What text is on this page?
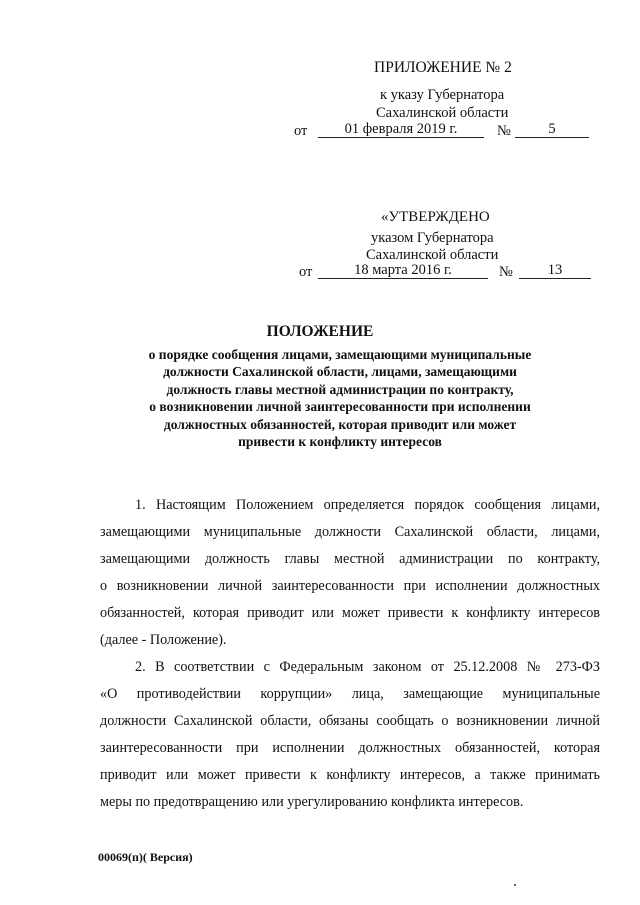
ПРИЛОЖЕНИЕ № 2
к указу Губернатора
Сахалинской области
от	01 февраля 2019 г.	№	5
«УТВЕРЖДЕНО
указом Губернатора
Сахалинской области
от	18 марта 2016 г.	№	13
ПОЛОЖЕНИЕ
о порядке сообщения лицами, замещающими муниципальные
должности Сахалинской области, лицами, замещающими
должность главы местной администрации по контракту,
о возникновении личной заинтересованности при исполнении
должностных обязанностей, которая приводит или может
привести к конфликту интересов
1. Настоящим Положением определяется порядок сообщения лицами,
замещающими муниципальные должности Сахалинской области, лицами,
замещающими должность главы местной администрации по контракту,
о возникновении личной заинтересованности при исполнении должностных
обязанностей, которая приводит или может привести к конфликту интересов
(далее - Положение).
2. В соответствии с Федеральным законом от 25.12.2008 № 273-ФЗ
«О противодействии коррупции» лица, замещающие муниципальные
должности Сахалинской области, обязаны сообщать о возникновении личной
заинтересованности при исполнении должностных обязанностей, которая
приводит или может привести к конфликту интересов, а также принимать
меры по предотвращению или урегулированию конфликта интересов.
00069(п)( Версия)
